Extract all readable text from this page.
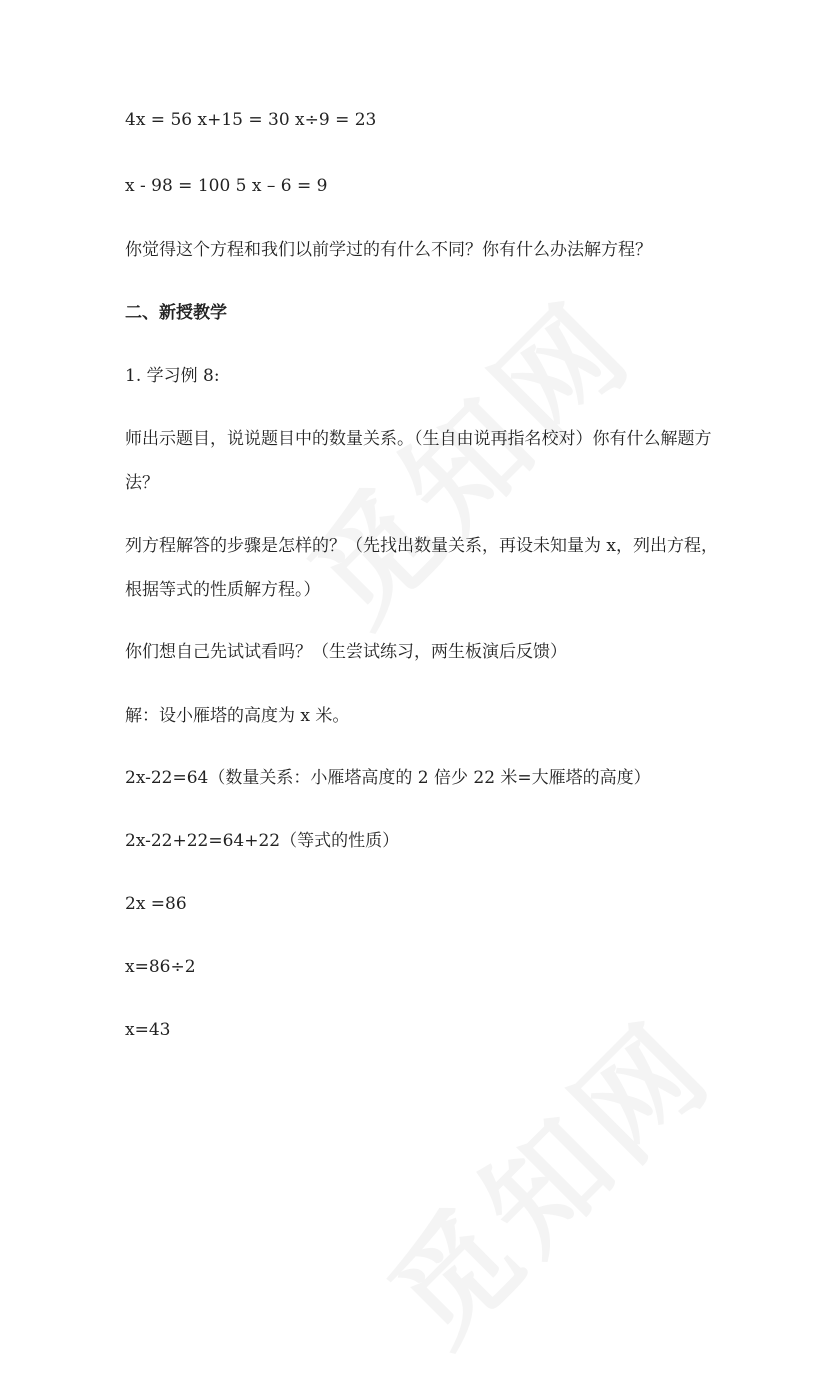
4x = 56 x+15 = 30 x÷9 = 23
x - 98 = 100 5 x – 6 = 9
你觉得这个方程和我们以前学过的有什么不同？你有什么办法解方程？
二、新授教学
1. 学习例 8:
师出示题目，说说题目中的数量关系。（生自由说再指名校对）你有什么解题方
法？
列方程解答的步骤是怎样的？（先找出数量关系，再设未知量为 x，列出方程，
根据等式的性质解方程。）
你们想自己先试试看吗？（生尝试练习，两生板演后反馈）
解：设小雁塔的高度为 x 米。
2x-22=64（数量关系：小雁塔高度的 2 倍少 22 米=大雁塔的高度）
2x-22+22=64+22（等式的性质）
2x =86
x=86÷2
x=43
